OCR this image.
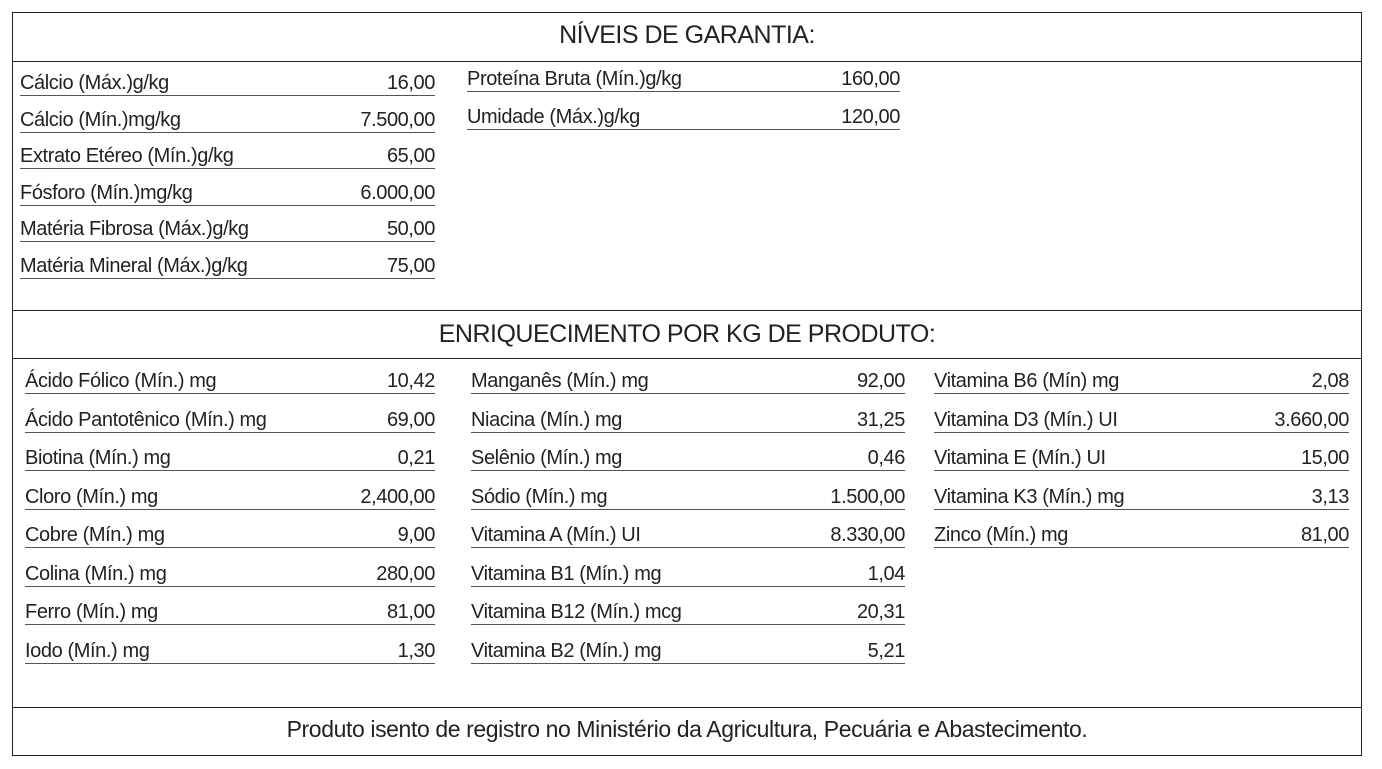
NÍVEIS DE GARANTIA:
Cálcio (Máx.)g/kg	16,00
Cálcio (Mín.)mg/kg	7.500,00
Extrato Etéreo (Mín.)g/kg	65,00
Fósforo (Mín.)mg/kg	6.000,00
Matéria Fibrosa (Máx.)g/kg	50,00
Matéria Mineral (Máx.)g/kg	75,00
Proteína Bruta (Mín.)g/kg	160,00
Umidade (Máx.)g/kg	120,00
ENRIQUECIMENTO POR KG DE PRODUTO:
Ácido Fólico (Mín.) mg	10,42
Ácido Pantotênico (Mín.) mg	69,00
Biotina (Mín.) mg	0,21
Cloro (Mín.) mg	2,400,00
Cobre (Mín.) mg	9,00
Colina (Mín.) mg	280,00
Ferro (Mín.) mg	81,00
Iodo (Mín.) mg	1,30
Manganês (Mín.) mg	92,00
Niacina (Mín.) mg	31,25
Selênio (Mín.) mg	0,46
Sódio (Mín.) mg	1.500,00
Vitamina A (Mín.) UI	8.330,00
Vitamina B1 (Mín.) mg	1,04
Vitamina B12 (Mín.) mcg	20,31
Vitamina B2 (Mín.) mg	5,21
Vitamina B6 (Mín) mg	2,08
Vitamina D3 (Mín.) UI	3.660,00
Vitamina E (Mín.) UI	15,00
Vitamina K3 (Mín.) mg	3,13
Zinco (Mín.) mg	81,00
Produto isento de registro no Ministério da Agricultura, Pecuária e Abastecimento.
